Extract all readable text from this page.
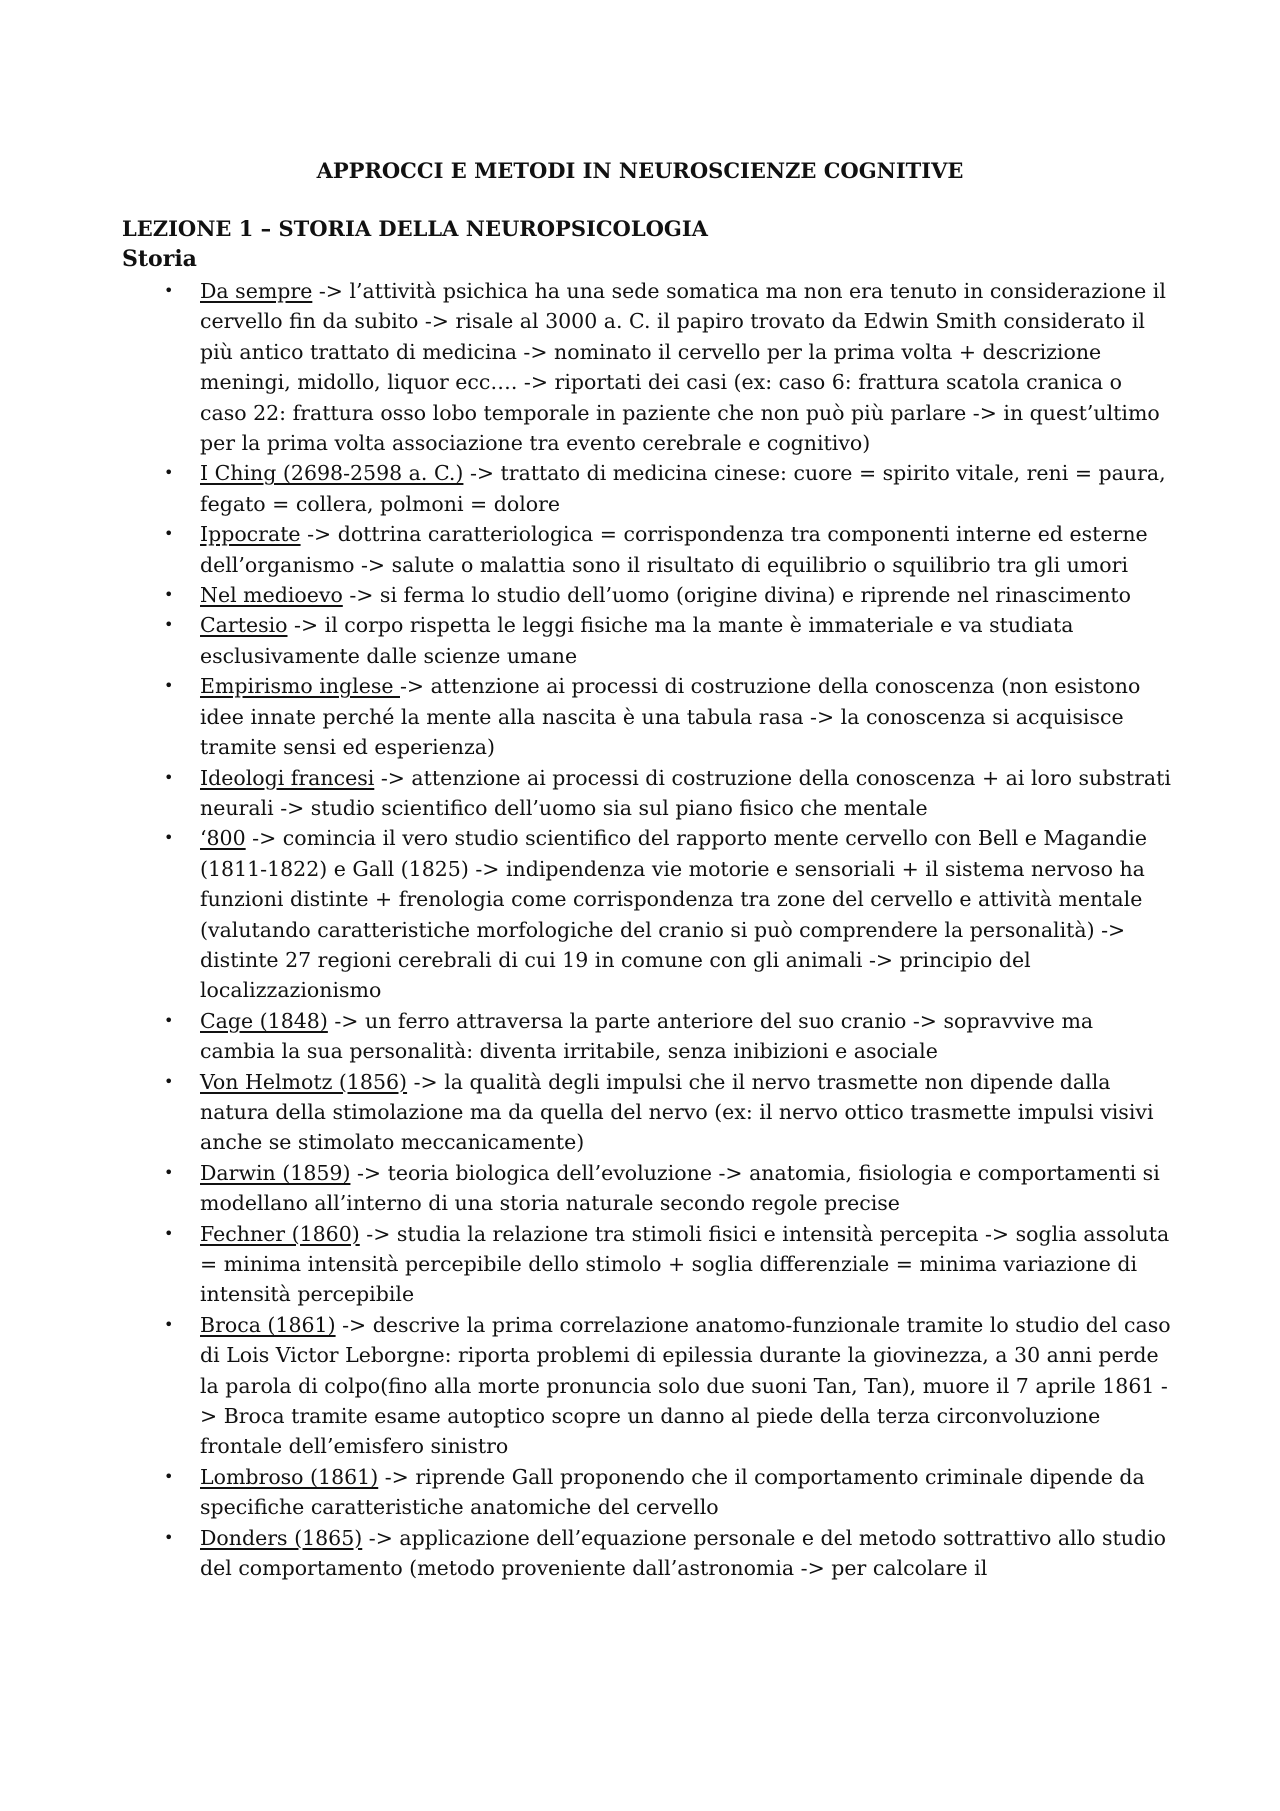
APPROCCI E METODI IN NEUROSCIENZE COGNITIVE
LEZIONE 1 – STORIA DELLA NEUROPSICOLOGIA
Storia
• Da sempre -> l’attività psichica ha una sede somatica ma non era tenuto in considerazione il cervello fin da subito -> risale al 3000 a. C. il papiro trovato da Edwin Smith considerato il più antico trattato di medicina -> nominato il cervello per la prima volta + descrizione meningi, midollo, liquor ecc…. -> riportati dei casi (ex: caso 6: frattura scatola cranica o caso 22: frattura osso lobo temporale in paziente che non può più parlare -> in quest’ultimo per la prima volta associazione tra evento cerebrale e cognitivo)
• I Ching (2698-2598 a. C.) -> trattato di medicina cinese: cuore = spirito vitale, reni = paura, fegato = collera, polmoni = dolore
• Ippocrate -> dottrina caratteriologica = corrispondenza tra componenti interne ed esterne dell’organismo -> salute o malattia sono il risultato di equilibrio o squilibrio tra gli umori
• Nel medioevo -> si ferma lo studio dell’uomo (origine divina) e riprende nel rinascimento
• Cartesio -> il corpo rispetta le leggi fisiche ma la mante è immateriale e va studiata esclusivamente dalle scienze umane
• Empirismo inglese -> attenzione ai processi di costruzione della conoscenza (non esistono idee innate perché la mente alla nascita è una tabula rasa -> la conoscenza si acquisisce tramite sensi ed esperienza)
• Ideologi francesi -> attenzione ai processi di costruzione della conoscenza + ai loro substrati neurali -> studio scientifico dell’uomo sia sul piano fisico che mentale
• ‘800 -> comincia il vero studio scientifico del rapporto mente cervello con Bell e Magandie (1811-1822) e Gall (1825) -> indipendenza vie motorie e sensoriali + il sistema nervoso ha funzioni distinte + frenologia come corrispondenza tra zone del cervello e attività mentale (valutando caratteristiche morfologiche del cranio si può comprendere la personalità) -> distinte 27 regioni cerebrali di cui 19 in comune con gli animali -> principio del localizzazionismo
• Cage (1848) -> un ferro attraversa la parte anteriore del suo cranio -> sopravvive ma cambia la sua personalità: diventa irritabile, senza inibizioni e asociale
• Von Helmotz (1856) -> la qualità degli impulsi che il nervo trasmette non dipende dalla natura della stimolazione ma da quella del nervo (ex: il nervo ottico trasmette impulsi visivi anche se stimolato meccanicamente)
• Darwin (1859) -> teoria biologica dell’evoluzione -> anatomia, fisiologia e comportamenti si modellano all’interno di una storia naturale secondo regole precise
• Fechner (1860) -> studia la relazione tra stimoli fisici e intensità percepita -> soglia assoluta = minima intensità percepibile dello stimolo + soglia differenziale = minima variazione di intensità percepibile
• Broca (1861) -> descrive la prima correlazione anatomo-funzionale tramite lo studio del caso di Lois Victor Leborgne: riporta problemi di epilessia durante la giovinezza, a 30 anni perde la parola di colpo(fino alla morte pronuncia solo due suoni Tan, Tan), muore il 7 aprile 1861 -> Broca tramite esame autoptico scopre un danno al piede della terza circonvoluzione frontale dell’emisfero sinistro
• Lombroso (1861) -> riprende Gall proponendo che il comportamento criminale dipende da specifiche caratteristiche anatomiche del cervello
• Donders (1865) -> applicazione dell’equazione personale e del metodo sottrattivo allo studio del comportamento (metodo proveniente dall’astronomia -> per calcolare il
